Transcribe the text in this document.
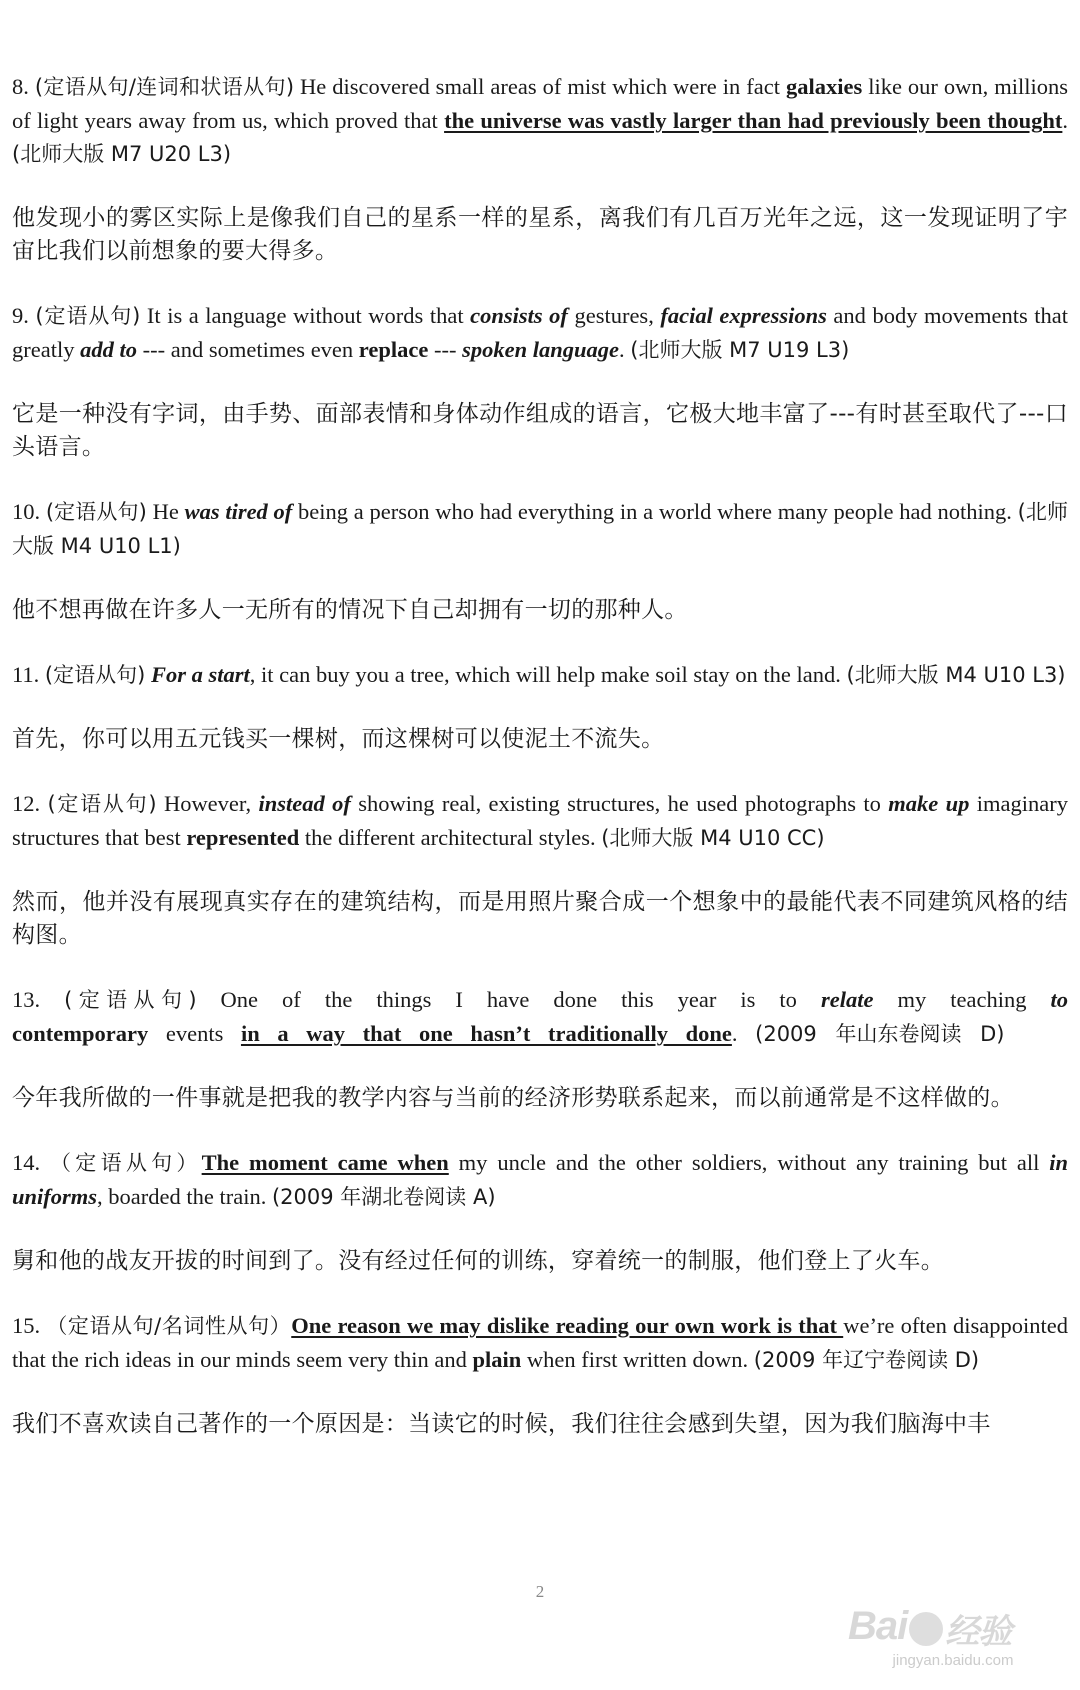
8. (定语从句/连词和状语从句) He discovered small areas of mist which were in fact galaxies like our own, millions of light years away from us, which proved that the universe was vastly larger than had previously been thought. (北师大版 M7 U20 L3)

他发现小的雾区实际上是像我们自己的星系一样的星系，离我们有几百万光年之远，这一发现证明了宇宙比我们以前想象的要大得多。

9. (定语从句) It is a language without words that consists of gestures, facial expressions and body movements that greatly add to --- and sometimes even replace --- spoken language. (北师大版 M7 U19 L3)

它是一种没有字词，由手势、面部表情和身体动作组成的语言，它极大地丰富了---有时甚至取代了---口头语言。

10. (定语从句) He was tired of being a person who had everything in a world where many people had nothing. (北师大版 M4 U10 L1)

他不想再做在许多人一无所有的情况下自己却拥有一切的那种人。

11. (定语从句) For a start, it can buy you a tree, which will help make soil stay on the land. (北师大版 M4 U10 L3)

首先，你可以用五元钱买一棵树，而这棵树可以使泥土不流失。

12. (定语从句) However, instead of showing real, existing structures, he used photographs to make up imaginary structures that best represented the different architectural styles. (北师大版 M4 U10 CC)

然而，他并没有展现真实存在的建筑结构，而是用照片聚合成一个想象中的最能代表不同建筑风格的结构图。

13. (定语从句) One of the things I have done this year is to relate my teaching to contemporary events in a way that one hasn’t traditionally done. (2009 年山东卷阅读 D)

今年我所做的一件事就是把我的教学内容与当前的经济形势联系起来，而以前通常是不这样做的。

14. （定语从句）The moment came when my uncle and the other soldiers, without any training but all in uniforms, boarded the train. (2009 年湖北卷阅读 A)

舅和他的战友开拔的时间到了。没有经过任何的训练，穿着统一的制服，他们登上了火车。

15. （定语从句/名词性从句）One reason we may dislike reading our own work is that we’re often disappointed that the rich ideas in our minds seem very thin and plain when first written down. (2009 年辽宁卷阅读 D)

我们不喜欢读自己著作的一个原因是：当读它的时候，我们往往会感到失望，因为我们脑海中丰

2
Bai 经验
jingyan.baidu.com
